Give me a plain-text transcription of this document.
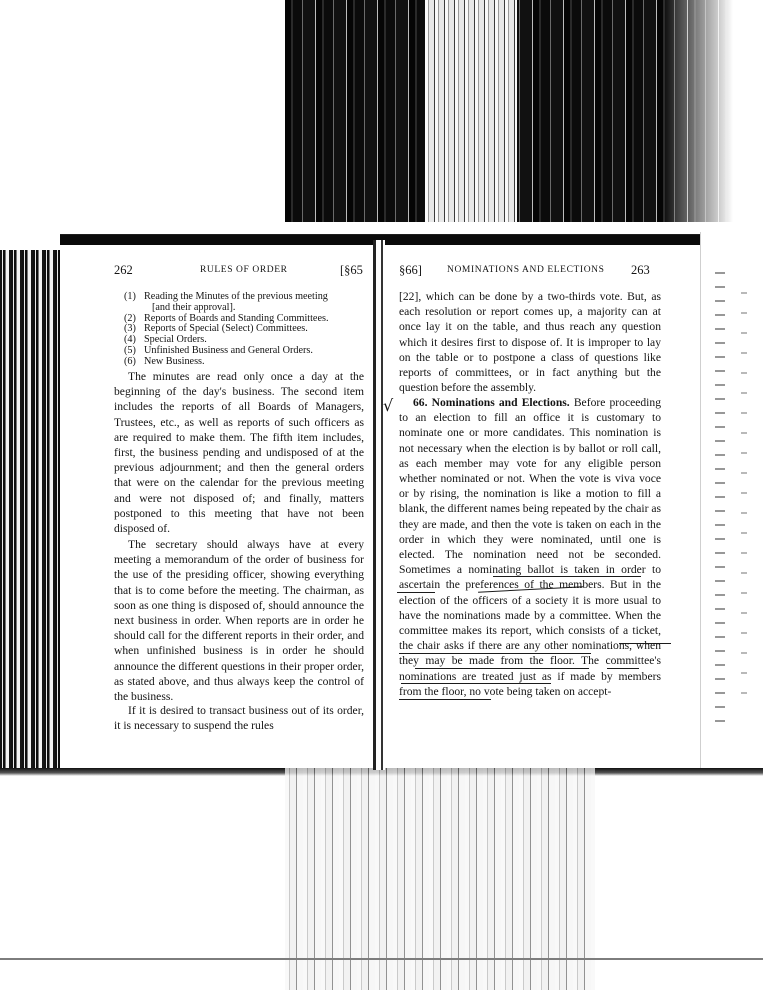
262	RULES OF ORDER	[§65
(1) Reading the Minutes of the previous meeting
[and their approval].
(2) Reports of Boards and Standing Committees.
(3) Reports of Special (Select) Committees.
(4) Special Orders.
(5) Unfinished Business and General Orders.
(6) New Business.

The minutes are read only once a day at the beginning of the day's business. The second item includes the reports of all Boards of Managers, Trustees, etc., as well as reports of such officers as are required to make them. The fifth item includes, first, the business pending and undisposed of at the previous adjournment; and then the general orders that were on the calendar for the previous meeting and were not disposed of; and finally, matters postponed to this meeting that have not been disposed of.

The secretary should always have at every meeting a memorandum of the order of business for the use of the presiding officer, showing everything that is to come before the meeting. The chairman, as soon as one thing is disposed of, should announce the next business in order. When reports are in order he should call for the different reports in their order, and when unfinished business is in order he should announce the different questions in their proper order, as stated above, and thus always keep the control of the business.

If it is desired to transact business out of its order, it is necessary to suspend the rules

§66]	NOMINATIONS AND ELECTIONS 263

[22], which can be done by a two-thirds vote. But, as each resolution or report comes up, a majority can at once lay it on the table, and thus reach any question which it desires first to dispose of. It is improper to lay on the table or to postpone a class of questions like reports of committees, or in fact anything but the question before the assembly.

√	66. Nominations and Elections. Before proceeding to an election to fill an office it is customary to nominate one or more candidates. This nomination is not necessary when the election is by ballot or roll call, as each member may vote for any eligible person whether nominated or not. When the vote is viva voce or by rising, the nomination is like a motion to fill a blank, the different names being repeated by the chair as they are made, and then the vote is taken on each in the order in which they were nominated, until one is elected. The nomination need not be seconded. Sometimes a nominating ballot is taken in order to ascertain the preferences of the members. But in the election of the officers of a society it is more usual to have the nominations made by a committee. When the committee makes its report, which consists of a ticket, the chair asks if there are any other nominations, when they may be made from the floor. The committee's nominations are treated just as if made by members from the floor, no vote being taken on accept-
